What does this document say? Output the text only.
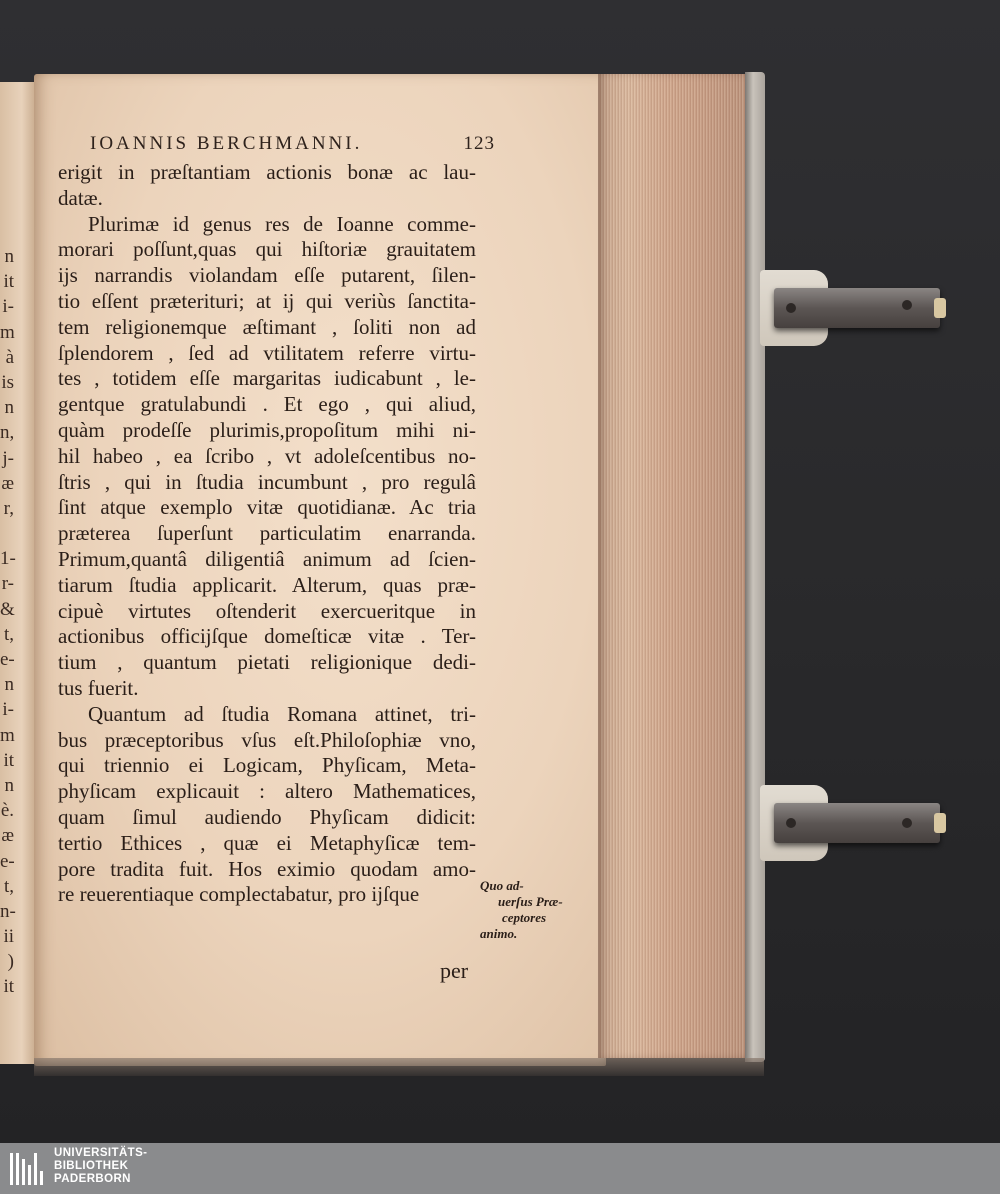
n
it
i-
m
à
is
n
n,
j-
æ
r,
1-
r-
&
t,
e-
n
i-
m
it
n
è.
æ
e-
t,
n-
ii
)
it
IOANNIS BERCHMANNI.	123
erigit in præſtantiam actionis bonæ ac lau-
datæ.
Plurimæ id genus res de Ioanne comme-
morari poſſunt,quas qui hiſtoriæ grauitatem
ijs narrandis violandam eſſe putarent, ſilen-
tio eſſent præterituri; at ij qui veriùs ſanctita-
tem religionemque æſtimant , ſoliti non ad
ſplendorem , ſed ad vtilitatem referre virtu-
tes , totidem eſſe margaritas iudicabunt , le-
gentque gratulabundi . Et ego , qui aliud,
quàm prodeſſe plurimis,propoſitum mihi ni-
hil habeo , ea ſcribo , vt adoleſcentibus no-
ſtris , qui in ſtudia incumbunt , pro regulâ
ſint atque exemplo vitæ quotidianæ. Ac tria
præterea ſuperſunt particulatim enarranda.
Primum,quantâ diligentiâ animum ad ſcien-
tiarum ſtudia applicarit. Alterum, quas præ-
cipuè virtutes oſtenderit exercueritque in
actionibus officijſque domeſticæ vitæ . Ter-
tium , quantum pietati religionique dedi-
tus fuerit.
Quantum ad ſtudia Romana attinet, tri-
bus præceptoribus vſus eſt.Philoſophiæ vno,
qui triennio ei Logicam, Phyſicam, Meta-
phyſicam explicauit : altero Mathematices,
quam ſimul audiendo Phyſicam didicit:
tertio Ethices , quæ ei Metaphyſicæ tem-
pore tradita fuit. Hos eximio quodam amo-
re reuerentiaque complectabatur, pro ijſque
per
Quo ad-
uerſus Præ-
ceptores
animo.
UNIVERSITÄTS-
BIBLIOTHEK
PADERBORN
